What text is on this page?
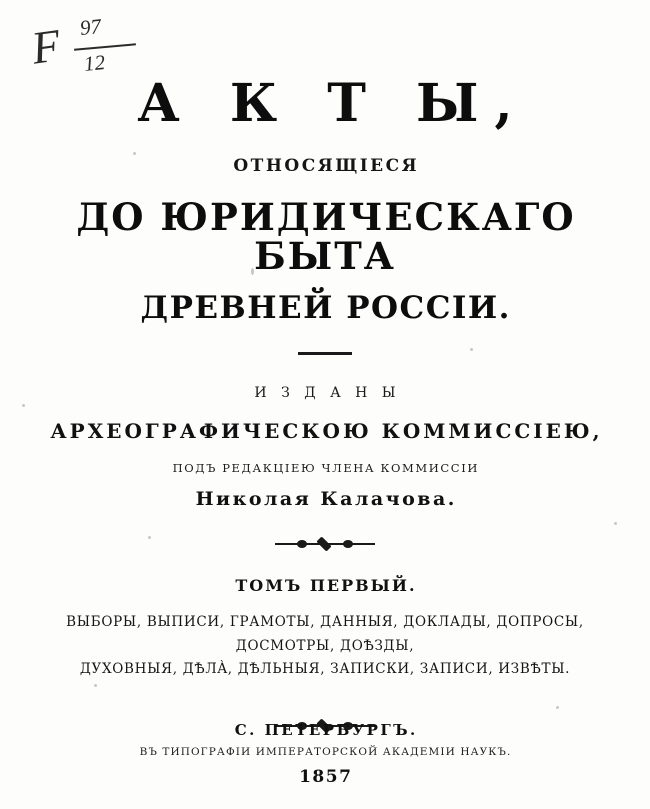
F 97
12
А К Т Ы,
ОТНОСЯЩІЕСЯ
ДО ЮРИДИЧЕСКАГО БЫТА
ДРЕВНЕЙ РОССІИ.
И З Д А Н Ы
АРХЕОГРАФИЧЕСКОЮ КОММИССІЕЮ,
ПОДЪ РЕДАКЦІЕЮ ЧЛЕНА КОММИССІИ
Николая Калачова.
ТОМЪ ПЕРВЫЙ.
ВЫБОРЫ, ВЫПИСИ, ГРАМОТЫ, ДАННЫЯ, ДОКЛАДЫ, ДОПРОСЫ, ДОСМОТРЫ, ДОѢЗДЫ,
ДУХОВНЫЯ, ДѢЛÀ, ДѢЛЬНЫЯ, ЗАПИСКИ, ЗАПИСИ, ИЗВѢТЫ.
С. ПЕТЕРБУРГЪ.
ВЪ ТИПОГРАФІИ ИМПЕРАТОРСКОЙ АКАДЕМІИ НАУКЪ.
1857
